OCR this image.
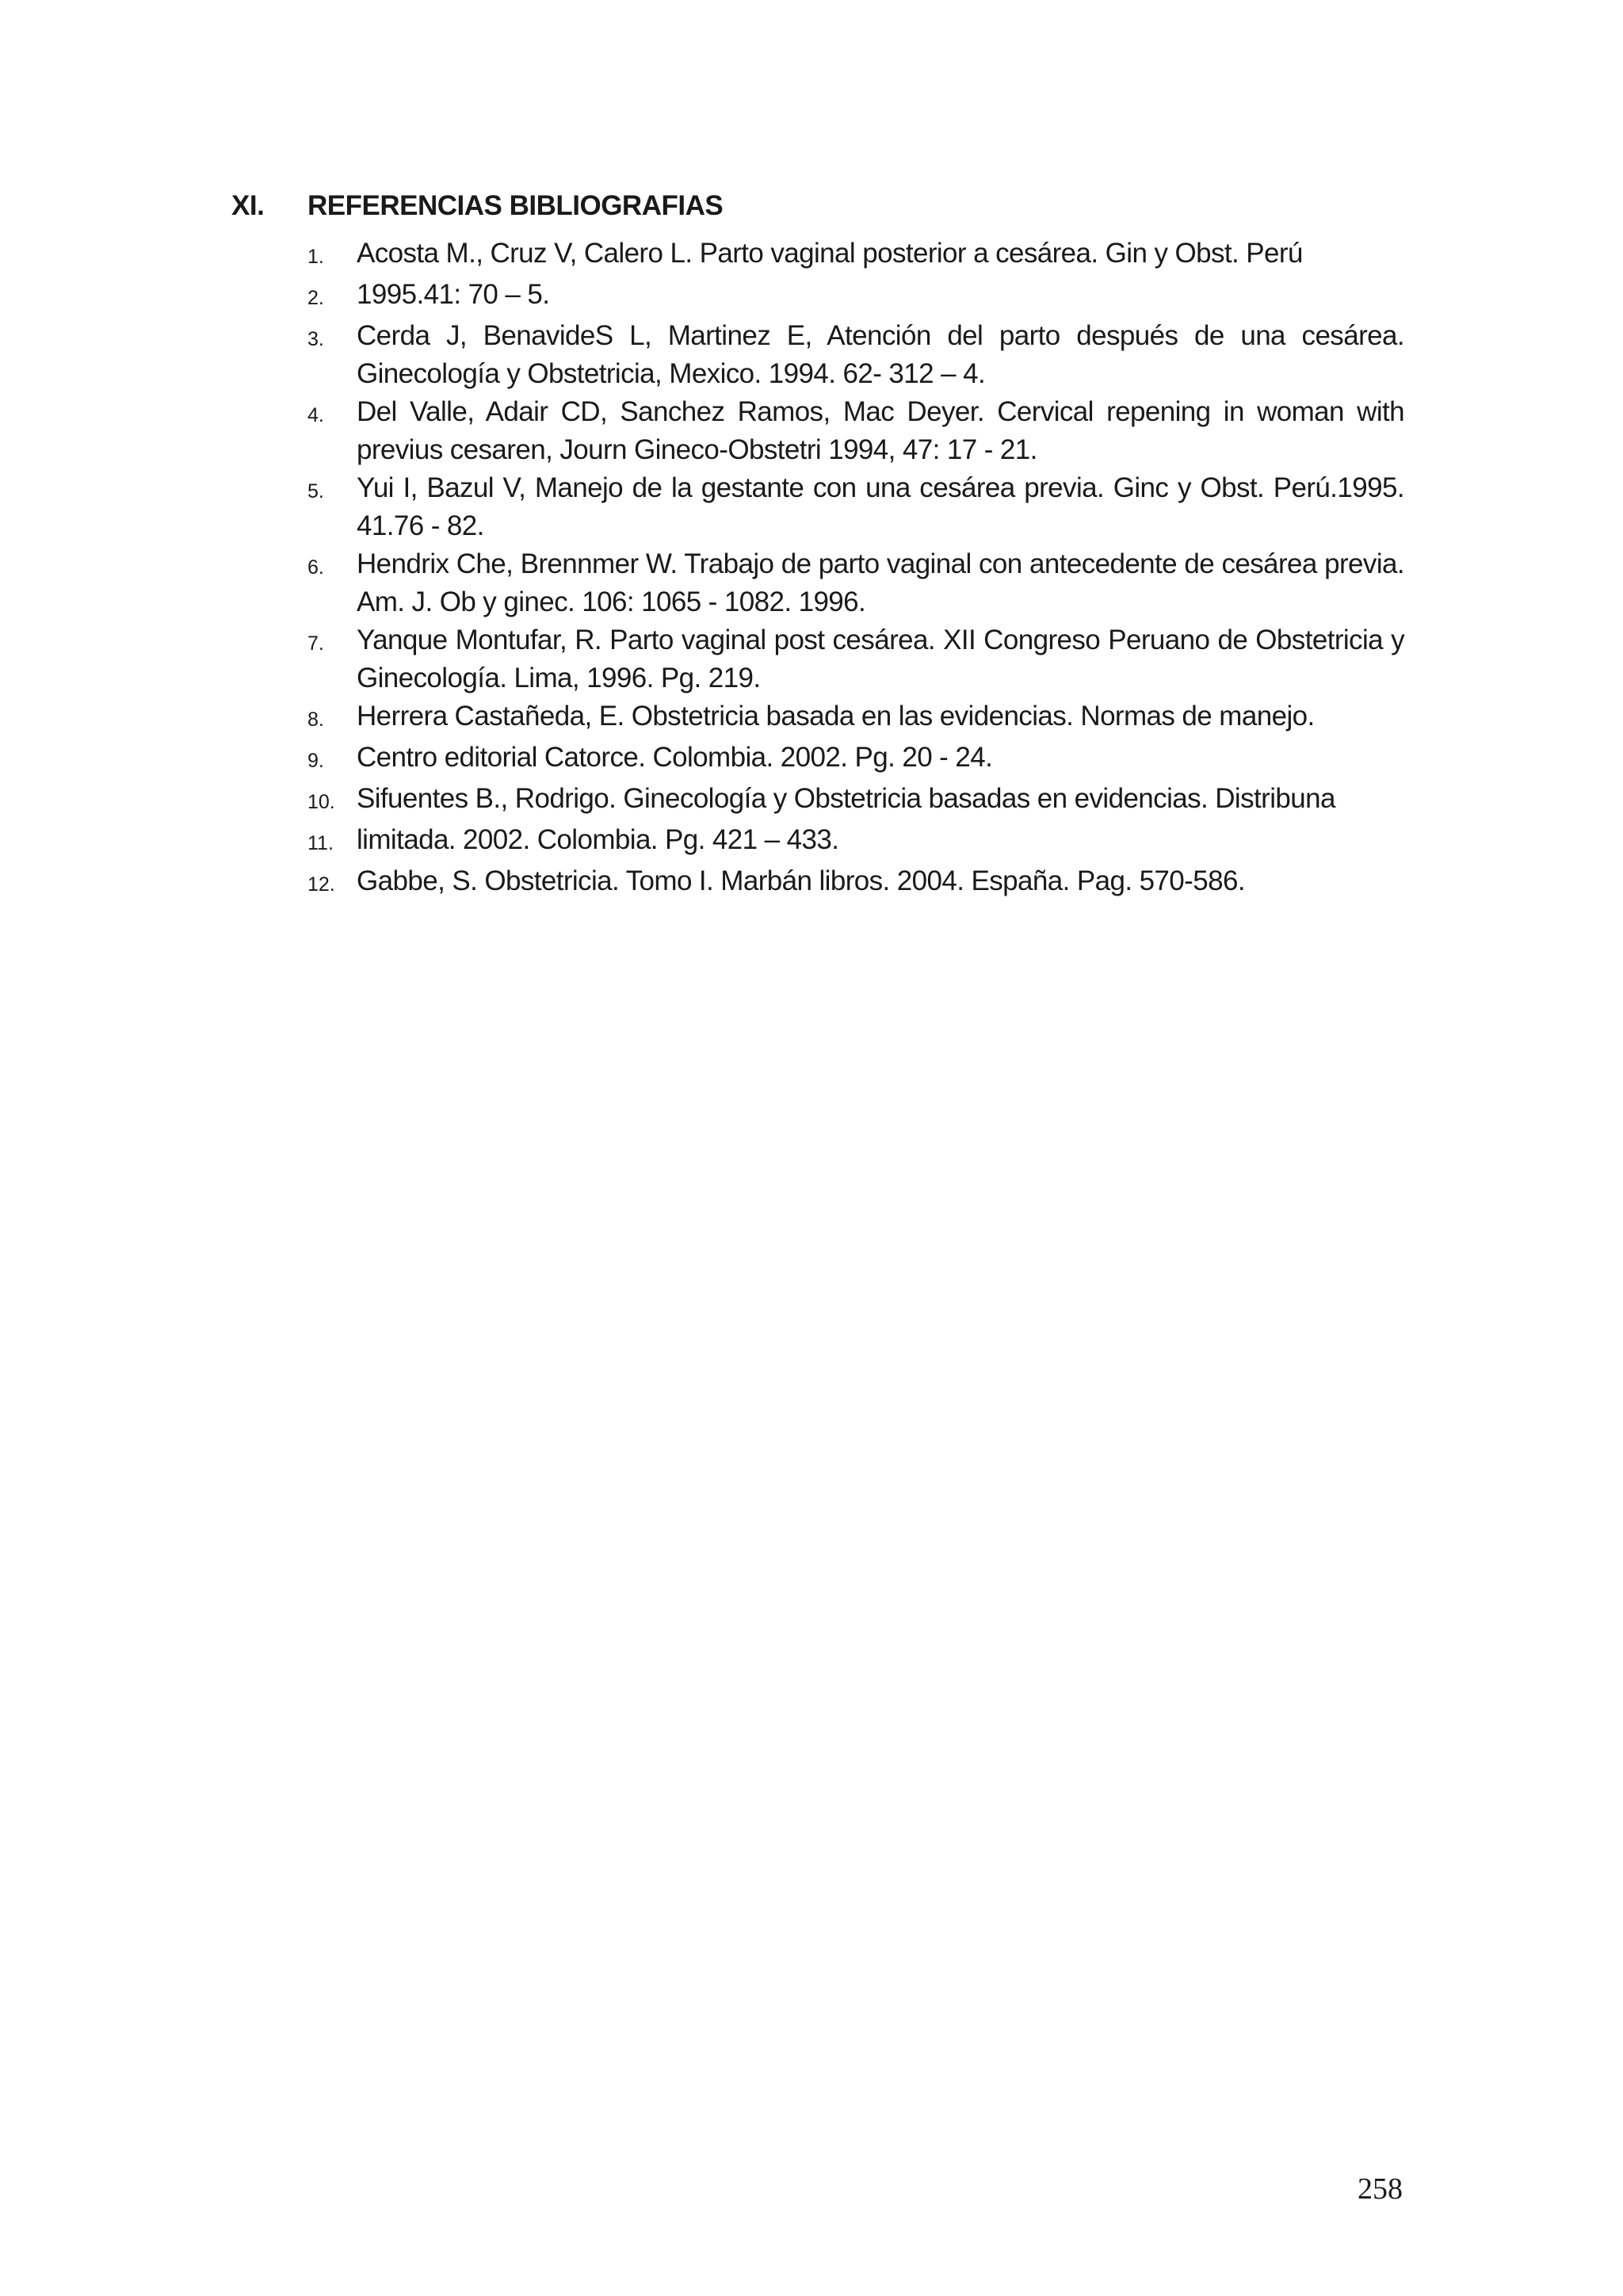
XI.	REFERENCIAS BIBLIOGRAFIAS
1.	Acosta M., Cruz V, Calero L. Parto vaginal posterior a cesárea. Gin y Obst. Perú
2.	1995.41: 70 – 5.
3.	Cerda J, BenavideS L, Martinez E, Atención del parto después de una cesárea. Ginecología y Obstetricia, Mexico. 1994. 62- 312 – 4.
4.	Del Valle, Adair CD, Sanchez Ramos, Mac Deyer. Cervical repening in woman with previus cesaren, Journ Gineco-Obstetri 1994, 47: 17 - 21.
5.	Yui I, Bazul V, Manejo de la gestante con una cesárea previa. Ginc y Obst. Perú.1995. 41.76 - 82.
6.	Hendrix Che, Brennmer W. Trabajo de parto vaginal con antecedente de cesárea previa. Am. J. Ob y ginec. 106: 1065 - 1082. 1996.
7.	Yanque Montufar, R. Parto vaginal post cesárea. XII Congreso Peruano de Obstetricia y Ginecología. Lima, 1996. Pg. 219.
8.	Herrera Castañeda, E. Obstetricia basada en las evidencias. Normas de manejo.
9.	Centro editorial Catorce. Colombia. 2002. Pg. 20 - 24.
10. Sifuentes B., Rodrigo. Ginecología y Obstetricia basadas en evidencias. Distribuna
11. limitada. 2002. Colombia. Pg. 421 – 433.
12. Gabbe, S. Obstetricia. Tomo I. Marbán libros. 2004. España. Pag. 570-586.
258
